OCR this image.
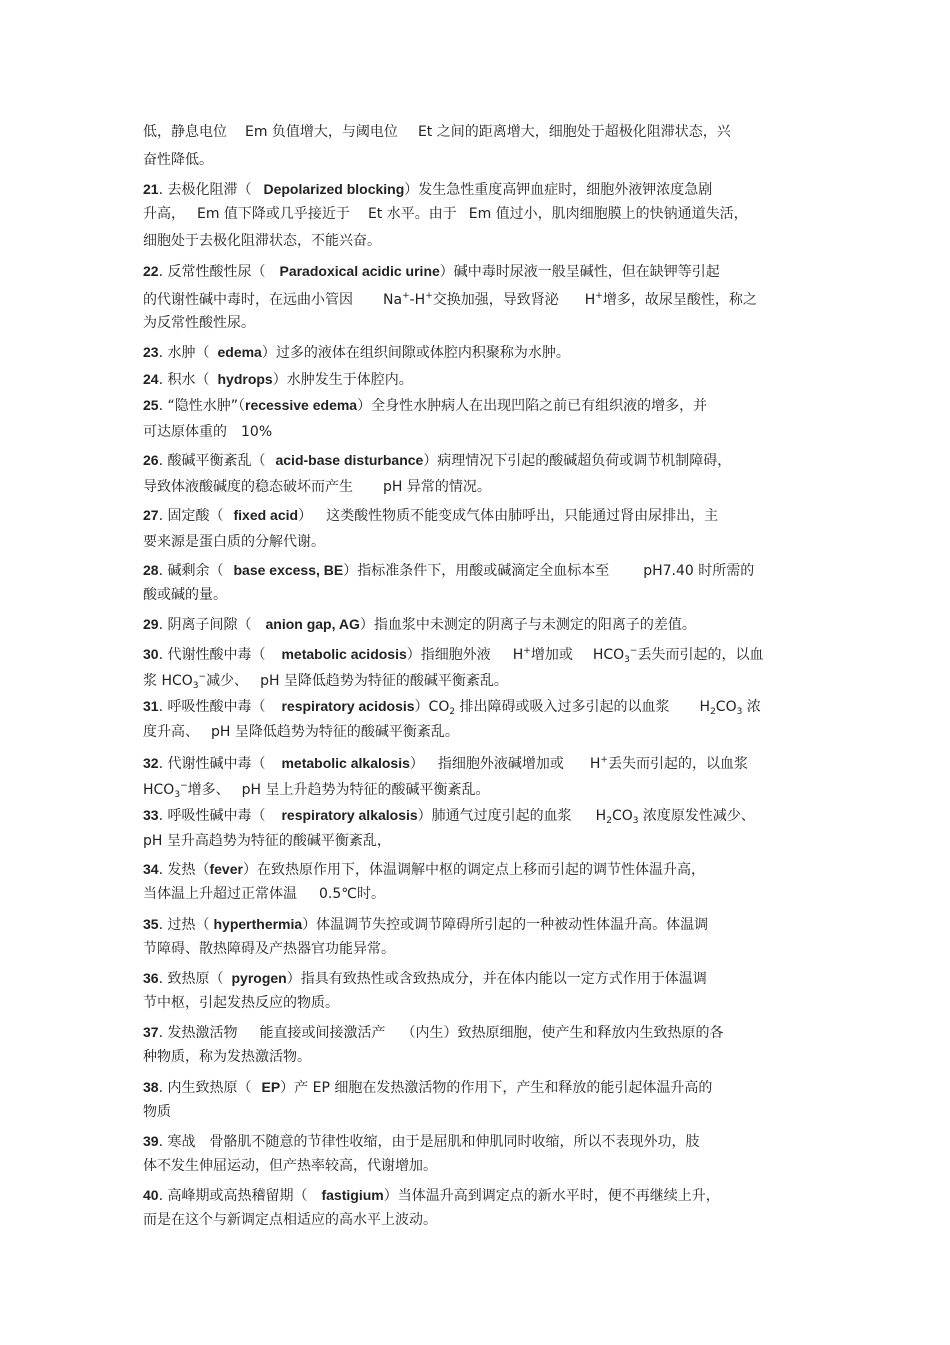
低，静息电位 Em 负值增大，与阈电位 Et 之间的距离增大，细胞处于超极化阻滞状态，兴
奋性降低。
21. 去极化阻滞（ Depolarized blocking）发生急性重度高钾血症时，细胞外液钾浓度急剧
升高， Em 值下降或几乎接近于 Et 水平。由于 Em 值过小，肌肉细胞膜上的快钠通道失活，
细胞处于去极化阻滞状态，不能兴奋。
22. 反常性酸性尿（ Paradoxical acidic urine）碱中毒时尿液一般呈碱性，但在缺钾等引起
的代谢性碱中毒时，在远曲小管因 Na+-H+交换加强，导致肾泌 H+增多，故尿呈酸性，称之
为反常性酸性尿。
23. 水肿（ edema）过多的液体在组织间隙或体腔内积聚称为水肿。
24. 积水（ hydrops）水肿发生于体腔内。
25. “隐性水肿”（recessive edema）全身性水肿病人在出现凹陷之前已有组织液的增多，并
可达原体重的 10%
26. 酸碱平衡紊乱（ acid-base disturbance）病理情况下引起的酸碱超负荷或调节机制障碍，
导致体液酸碱度的稳态破坏而产生 pH 异常的情况。
27. 固定酸（ fixed acid） 这类酸性物质不能变成气体由肺呼出，只能通过肾由尿排出，主
要来源是蛋白质的分解代谢。
28. 碱剩余（ base excess, BE）指标准条件下，用酸或碱滴定全血标本至 pH7.40 时所需的
酸或碱的量。
29. 阴离子间隙（ anion gap, AG）指血浆中未测定的阴离子与未测定的阳离子的差值。
30. 代谢性酸中毒（ metabolic acidosis）指细胞外液 H+增加或 $HCO_3^-$丢失而引起的，以血
浆 $HCO_3^-$减少、 pH 呈降低趋势为特征的酸碱平衡紊乱。
31. 呼吸性酸中毒（ respiratory $acidosis)CO_2$ 排出障碍或吸入过多引起的以血浆 $H_2CO_3$ 浓
度升高、 pH 呈降低趋势为特征的酸碱平衡紊乱。
32. 代谢性碱中毒（ metabolic alkalosis） 指细胞外液碱增加或 H+丢失而引起的，以血浆
$HCO_3^-$增多、 pH 呈上升趋势为特征的酸碱平衡紊乱。
33. 呼吸性碱中毒（ respiratory alkalosis）肺通气过度引起的血浆 $H_2CO_3$ 浓度原发性减少、
pH 呈升高趋势为特征的酸碱平衡紊乱，
34. 发热（fever）在致热原作用下，体温调解中枢的调定点上移而引起的调节性体温升高，
当体温上升超过正常体温 0.5℃时。
35. 过热（ hyperthermia）体温调节失控或调节障碍所引起的一种被动性体温升高。体温调
节障碍、散热障碍及产热器官功能异常。
36. 致热原（ pyrogen）指具有致热性或含致热成分，并在体内能以一定方式作用于体温调
节中枢，引起发热反应的物质。
37. 发热激活物 能直接或间接激活产 （内生）致热原细胞，使产生和释放内生致热原的各
种物质，称为发热激活物。
38. 内生致热原（ EP）产 EP 细胞在发热激活物的作用下，产生和释放的能引起体温升高的
物质
39. 寒战 骨骼肌不随意的节律性收缩，由于是屈肌和伸肌同时收缩，所以不表现外功，肢
体不发生伸屈运动，但产热率较高，代谢增加。
40. 高峰期或高热稽留期（ fastigium）当体温升高到调定点的新水平时，便不再继续上升，
而是在这个与新调定点相适应的高水平上波动。
